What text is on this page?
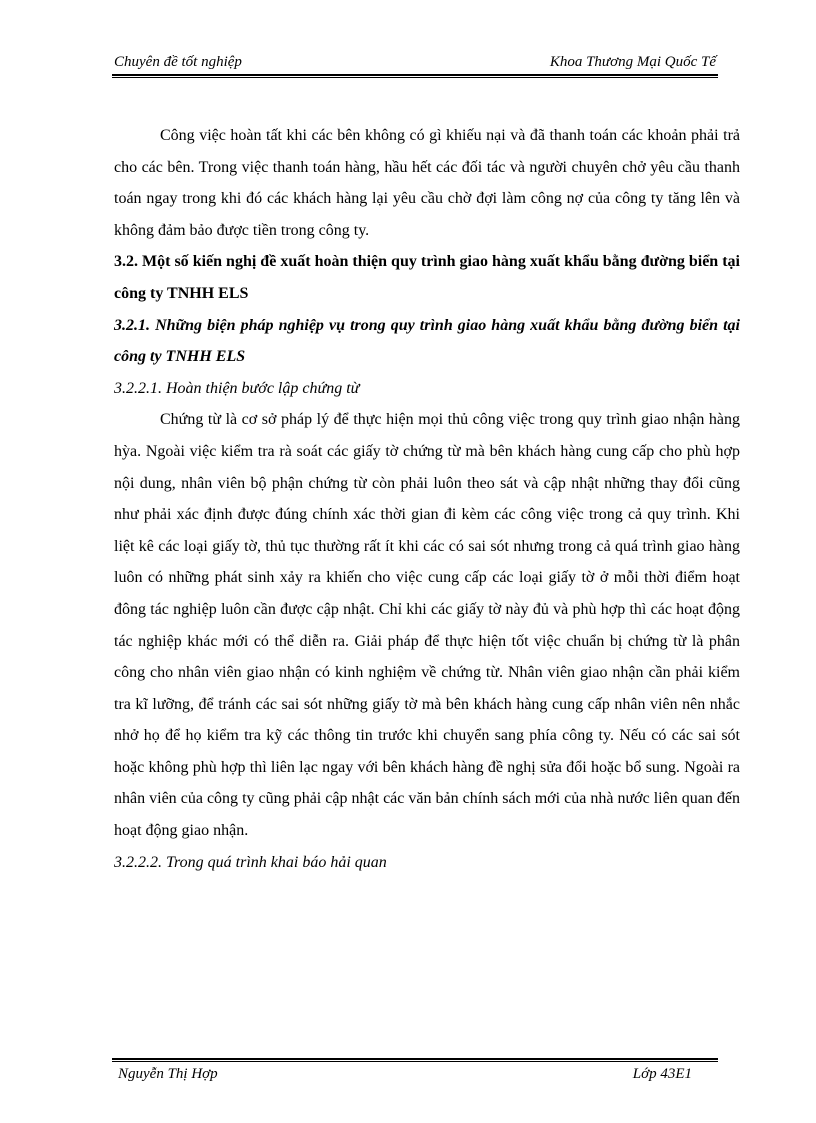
Chuyên đề tốt nghiệp	Khoa Thương Mại Quốc Tế

Công việc hoàn tất khi các bên không có gì khiếu nại và đã thanh toán các khoản phải trả cho các bên. Trong việc thanh toán hàng, hầu hết các đối tác và người chuyên chở yêu cầu thanh toán ngay trong khi đó các khách hàng lại yêu cầu chờ đợi làm công nợ của công ty tăng lên và không đảm bảo được tiền trong công ty.

3.2. Một số kiến nghị đề xuất hoàn thiện quy trình giao hàng xuất khẩu bằng đường biển tại công ty TNHH ELS

3.2.1. Những biện pháp nghiệp vụ trong quy trình giao hàng xuất khẩu bằng đường biển tại công ty TNHH ELS

3.2.2.1. Hoàn thiện bước lập chứng từ

Chứng từ là cơ sở pháp lý để thực hiện mọi thủ công việc trong quy trình giao nhận hàng hỳa. Ngoài việc kiểm tra rà soát các giấy tờ chứng từ mà bên khách hàng cung cấp cho phù hợp nội dung, nhân viên bộ phận chứng từ còn phải luôn theo sát và cập nhật những thay đổi cũng như phải xác định được đúng chính xác thời gian đi kèm các công việc trong cả quy trình. Khi liệt kê các loại giấy tờ, thủ tục thường rất ít khi các có sai sót nhưng trong cả quá trình giao hàng luôn có những phát sinh xảy ra khiến cho việc cung cấp các loại giấy tờ ở mỗi thời điểm hoạt đông tác nghiệp luôn cần được cập nhật. Chỉ khi các giấy tờ này đủ và phù hợp thì các hoạt động tác nghiệp khác mới có thể diễn ra. Giải pháp để thực hiện tốt việc chuẩn bị chứng từ là phân công cho nhân viên giao nhận có kinh nghiệm về chứng từ. Nhân viên giao nhận cần phải kiểm tra kĩ lưỡng, để tránh các sai sót những giấy tờ mà bên khách hàng cung cấp nhân viên nên nhắc nhở họ để họ kiểm tra kỹ các thông tin trước khi chuyển sang phía công ty. Nếu có các sai sót hoặc không phù hợp thì liên lạc ngay với bên khách hàng đề nghị sửa đổi hoặc bổ sung. Ngoài ra nhân viên của công ty cũng phải cập nhật các văn bản chính sách mới của nhà nước liên quan đến hoạt động giao nhận.

3.2.2.2. Trong quá trình khai báo hải quan

Nguyễn Thị Hợp	Lớp 43E1
